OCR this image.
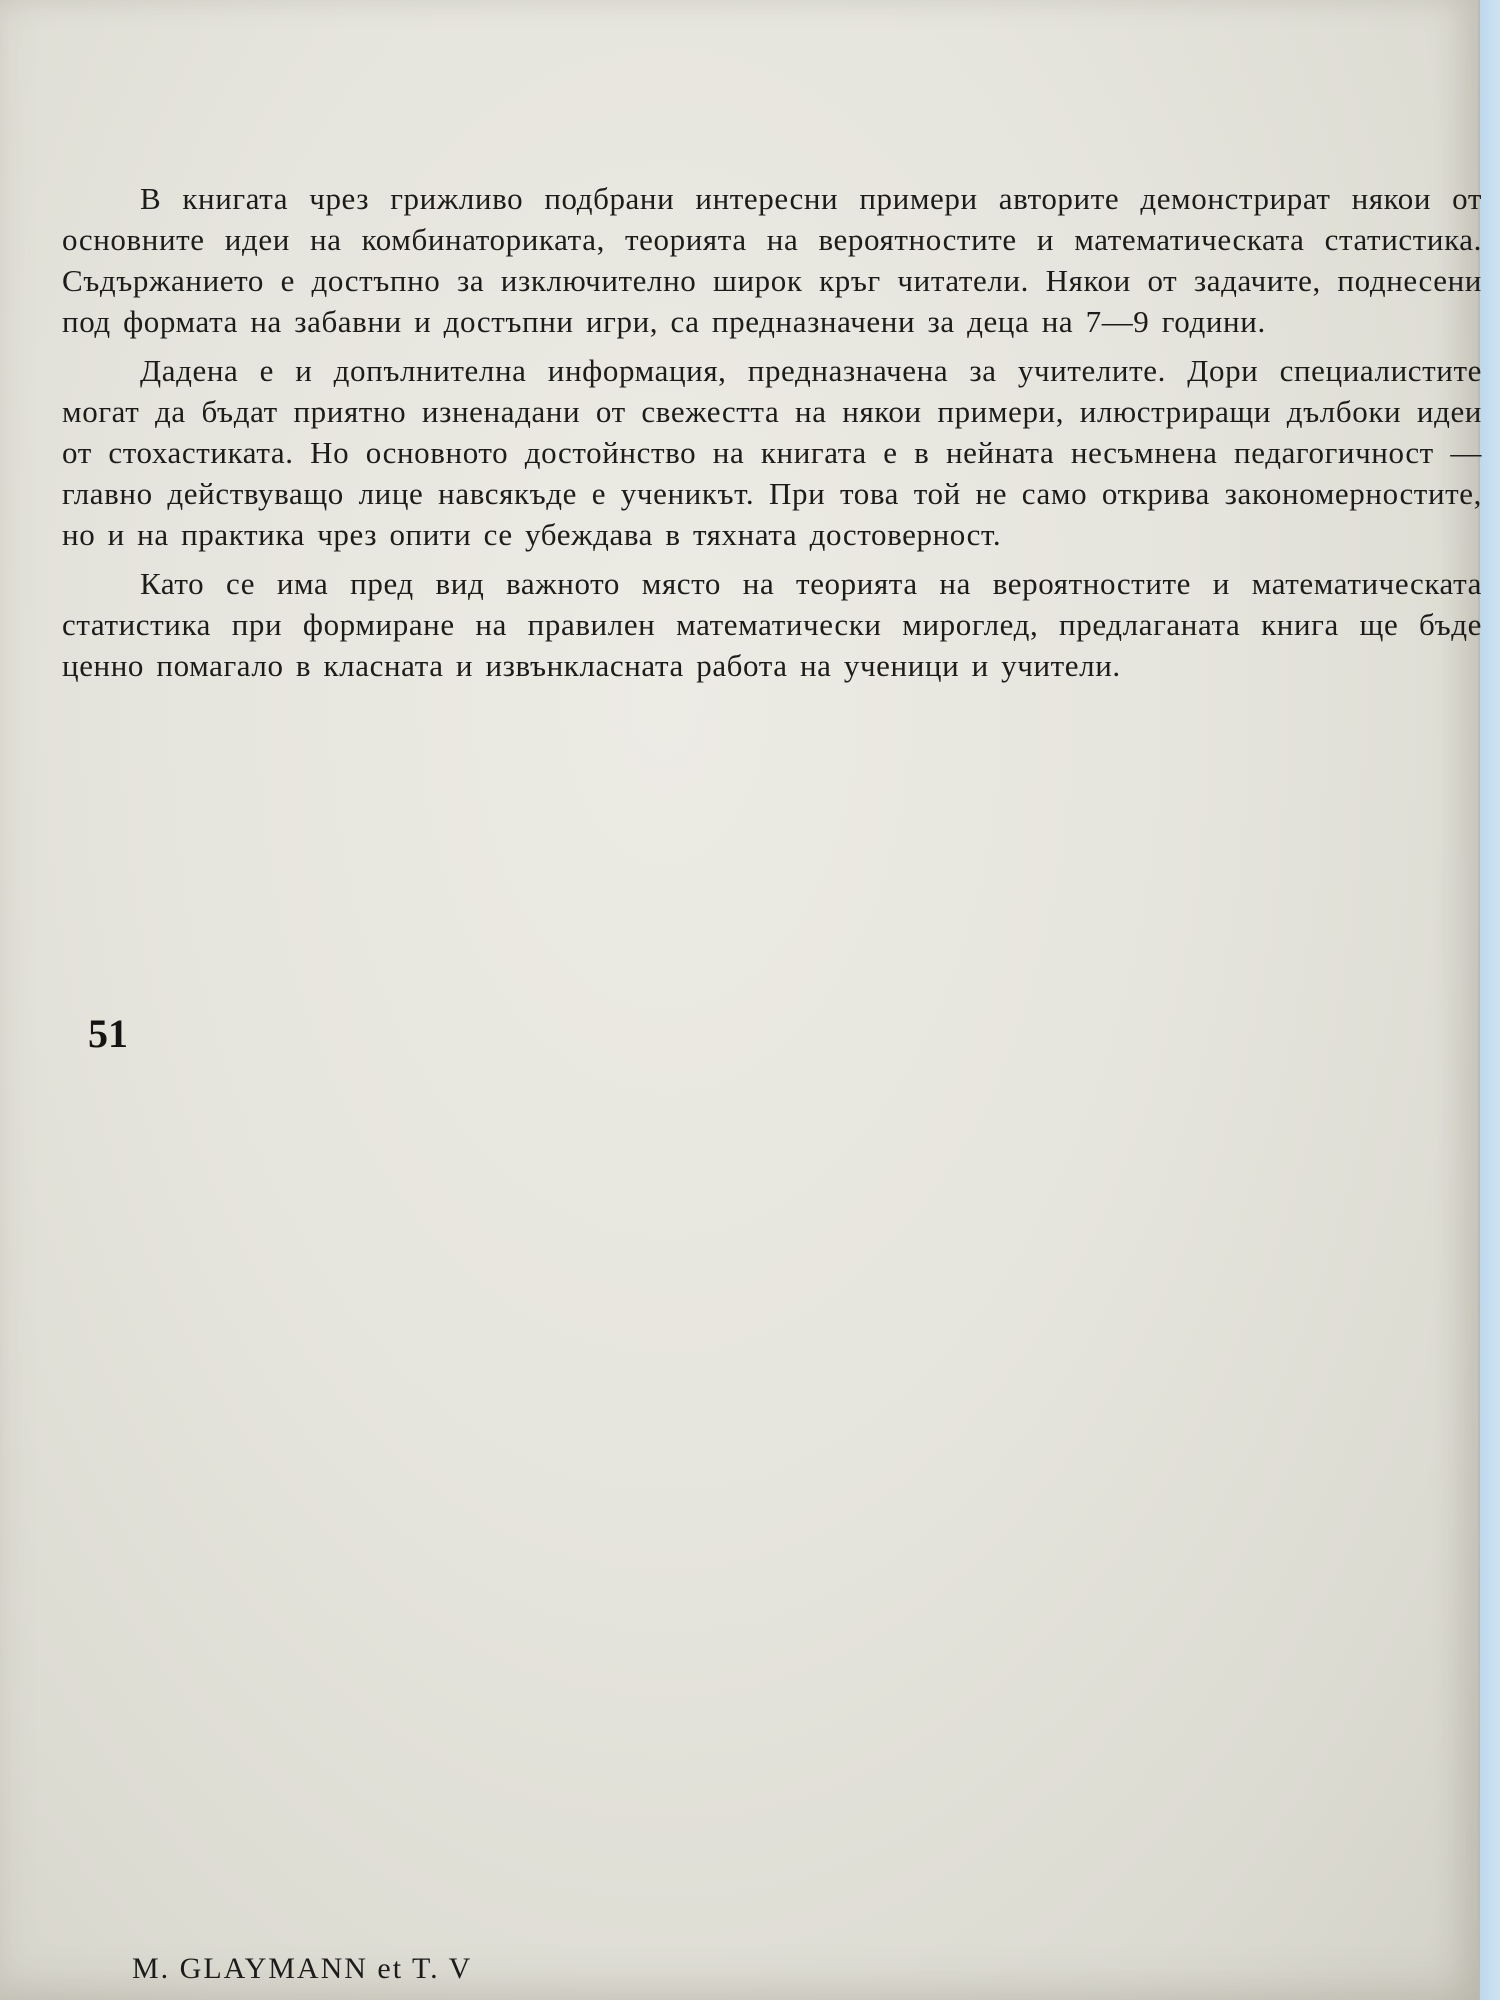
В книгата чрез грижливо подбрани интересни примери авторите демонстрират някои от основните идеи на комбинаториката, теорията на вероятностите и математическата статистика. Съдържанието е достъпно за изключително широк кръг читатели. Някои от задачите, поднесени под формата на забавни и достъпни игри, са предназначени за деца на 7—9 години.

Дадена е и допълнителна информация, предназначена за учителите. Дори специалистите могат да бъдат приятно изненадани от свежестта на някои примери, илюстриращи дълбоки идеи от стохастиката. Но основното достойнство на книгата е в нейната несъмнена педагогичност — главно действуващо лице навсякъде е ученикът. При това той не само открива закономерностите, но и на практика чрез опити се убеждава в тяхната достоверност.

Като се има пред вид важното място на теорията на вероятностите и математическата статистика при формиране на правилен математически мироглед, предлаганата книга ще бъде ценно помагало в класната и извънкласната работа на ученици и учители.

51
M. GLAYMANN et T. V
